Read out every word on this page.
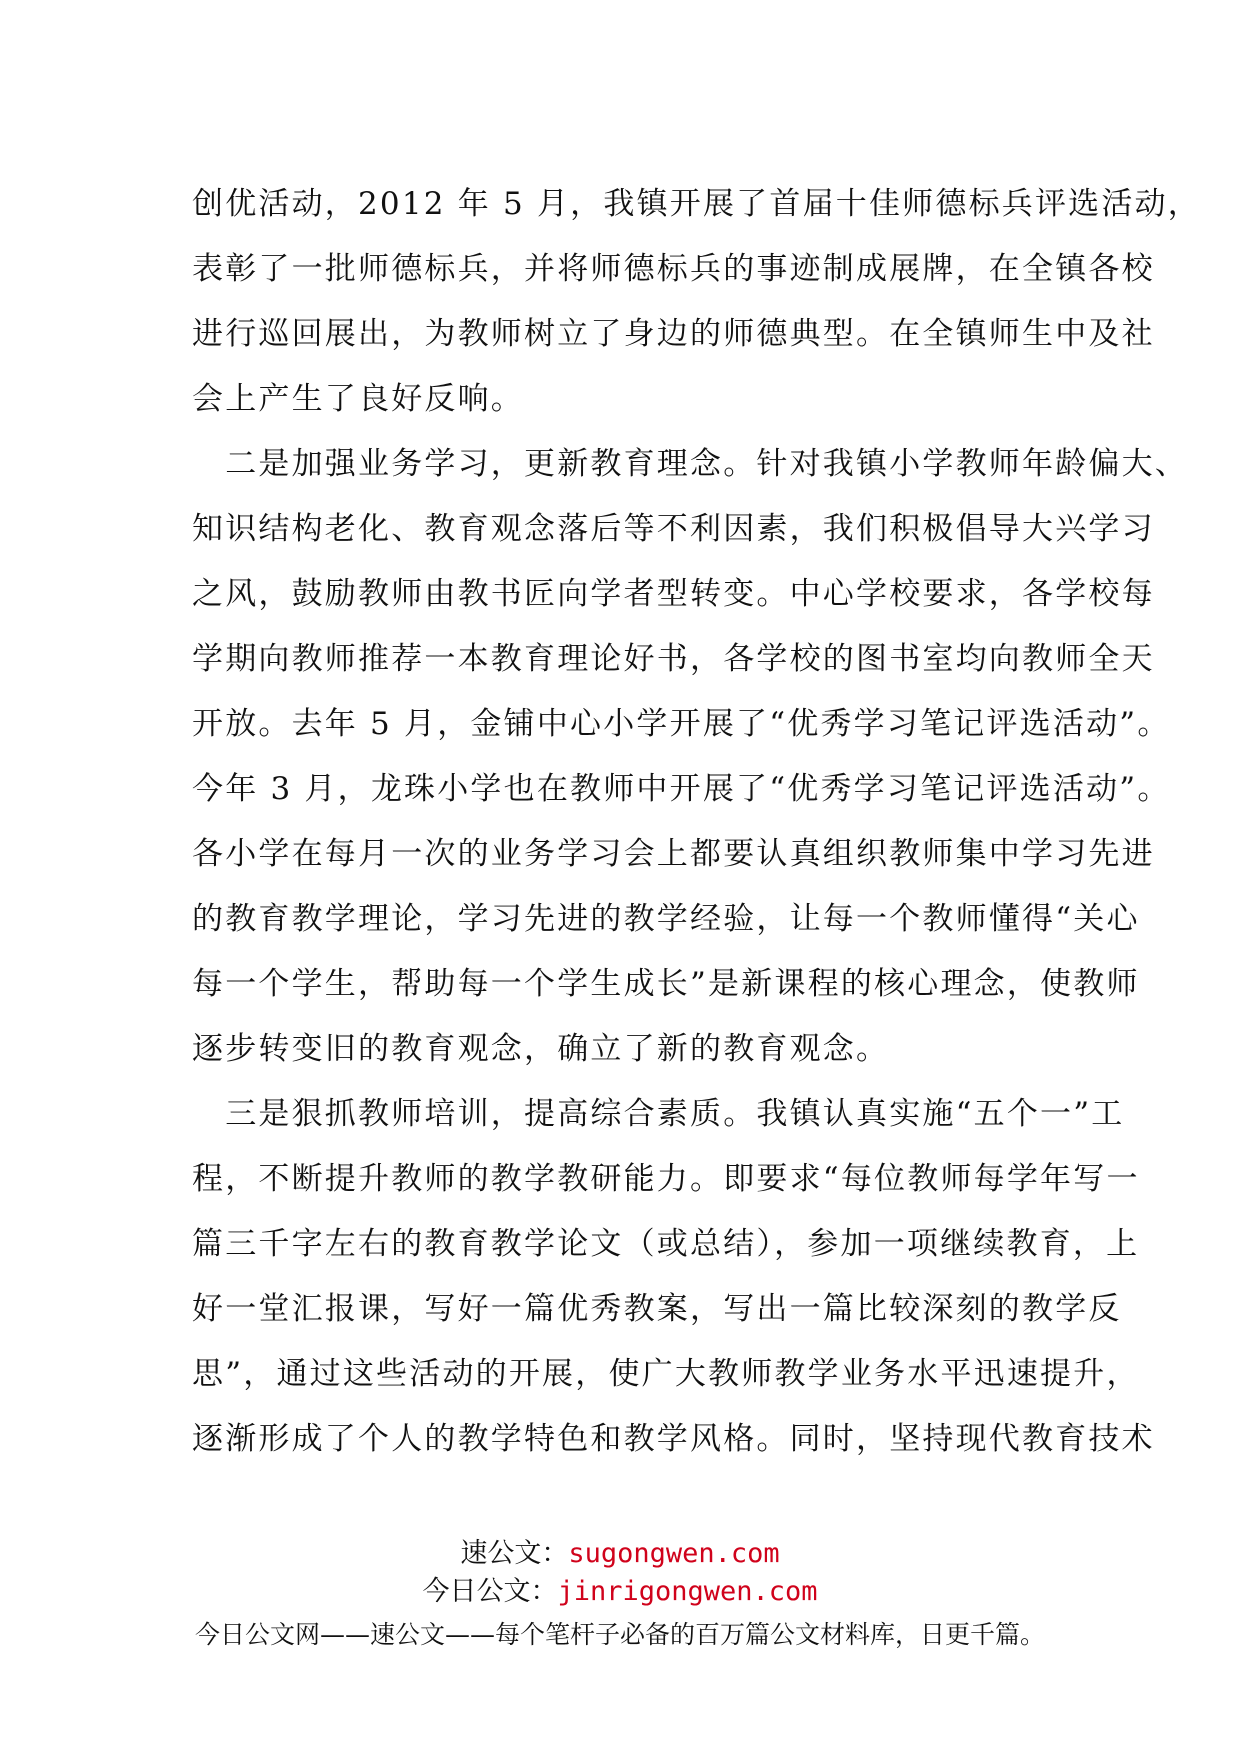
创优活动，2012 年 5 月，我镇开展了首届十佳师德标兵评选活动，
表彰了一批师德标兵，并将师德标兵的事迹制成展牌，在全镇各校
进行巡回展出，为教师树立了身边的师德典型。在全镇师生中及社
会上产生了良好反响。
　二是加强业务学习，更新教育理念。针对我镇小学教师年龄偏大、
知识结构老化、教育观念落后等不利因素，我们积极倡导大兴学习
之风，鼓励教师由教书匠向学者型转变。中心学校要求，各学校每
学期向教师推荐一本教育理论好书，各学校的图书室均向教师全天
开放。去年 5 月，金铺中心小学开展了“优秀学习笔记评选活动”。
今年 3 月，龙珠小学也在教师中开展了“优秀学习笔记评选活动”。
各小学在每月一次的业务学习会上都要认真组织教师集中学习先进
的教育教学理论，学习先进的教学经验，让每一个教师懂得“关心
每一个学生，帮助每一个学生成长”是新课程的核心理念，使教师
逐步转变旧的教育观念，确立了新的教育观念。
　三是狠抓教师培训，提高综合素质。我镇认真实施“五个一”工
程，不断提升教师的教学教研能力。即要求“每位教师每学年写一
篇三千字左右的教育教学论文（或总结），参加一项继续教育，上
好一堂汇报课，写好一篇优秀教案，写出一篇比较深刻的教学反
思”，通过这些活动的开展，使广大教师教学业务水平迅速提升，
逐渐形成了个人的教学特色和教学风格。同时，坚持现代教育技术
速公文：sugongwen.com
今日公文：jinrigongwen.com
今日公文网——速公文——每个笔杆子必备的百万篇公文材料库，日更千篇。
